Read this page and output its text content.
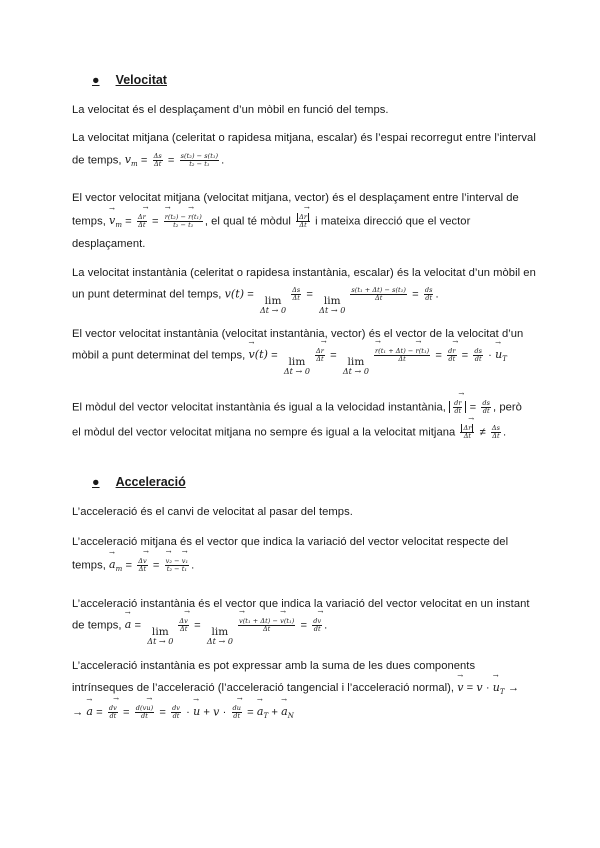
● Velocitat
La velocitat és el desplaçament d’un mòbil en funció del temps.
La velocitat mitjana (celeritat o rapidesa mitjana, escalar) és l’espai recorregut entre l’interval
de temps, $v_m = \frac{\Delta s}{\Delta t} = \frac{\text{s(t₂) − s(t₁)}}{\text{t₂ − t₁}}$ .
El vector velocitat mitjana (velocitat mitjana, vector) és el desplaçament entre l’interval de
temps, → $v_m = \frac{\Delta\to r}{\Delta t}$ = → $\frac{\text{r(t₂) − → r(t₁)}}{\text{t₂ − t₁}}$ , el qual té mòdul $\frac{\Delta\to r}{\Delta t}$ i mateixa direcció que el vector
desplaçament.
La velocitat instantània (celeritat o rapidesa instantània, escalar) és la velocitat d’un mòbil en
un punt determinat del temps, v(t) =
lim
Δt → 0
$\frac{\Delta s}{\Delta t}$ =
lim
Δt → 0
$\frac{\text{s(t₁ + Δt) − s(t₁)}}{\Delta t} = \frac{ds}{dt}$ .
El vector velocitat instantània (velocitat instantània, vector) és el vector de la velocitat d’un
mòbil a punt determinat del temps, → v(t) =
lim
Δt → 0
$\frac{\Delta\to r}{\Delta t}$ =
lim
Δt → 0
→ $\frac{\text{r(t₁ + Δt) − → r(t₁)}}{\Delta t} = \frac{d\to r}{dt} = \frac{ds}{dt}$ · → $u_T$
El mòdul del vector velocitat instantània és igual a la velocidad instantània, $\frac{d\to r}{dt} = \frac{ds}{dt}$ , però
el mòdul del vector velocitat mitjana no sempre és igual a la velocitat mitjana $\frac{\Delta\to r}{\Delta t} \ne \frac{\Delta s}{\Delta t}$ .
● Acceleració
L’acceleració és el canvi de velocitat al pasar del temps.
L’acceleració mitjana és el vector que indica la variació del vector velocitat respecte del
temps, → $a_m = \frac{\Delta\to v}{\Delta t}$ = → $\frac{\text{v₂ − → v₁}}{\text{t₂ − t₁}}$ .
L’acceleració instantània és el vector que indica la variació del vector velocitat en un instant
de temps, → a =
lim
Δt → 0
$\frac{\Delta\to v}{\Delta t}$ =
lim
Δt → 0
→ $\frac{\text{v(t₁ + Δt) − → v(t₁)}}{\Delta t} = \frac{d\to v}{dt}$ .
L’acceleració instantània es pot expressar amb la suma de les dues components
intrínseques de l’acceleració (l’acceleració tangencial i l’acceleració normal), → v = v · → $u_T$ →
→ → $a = \frac{d\to v}{dt} = \frac{d(v\to u)}{dt} = \frac{dv}{dt}$ · → $u + v \cdot \frac{d\to u}{dt}$ = → $a_T$ + → $a_N$
